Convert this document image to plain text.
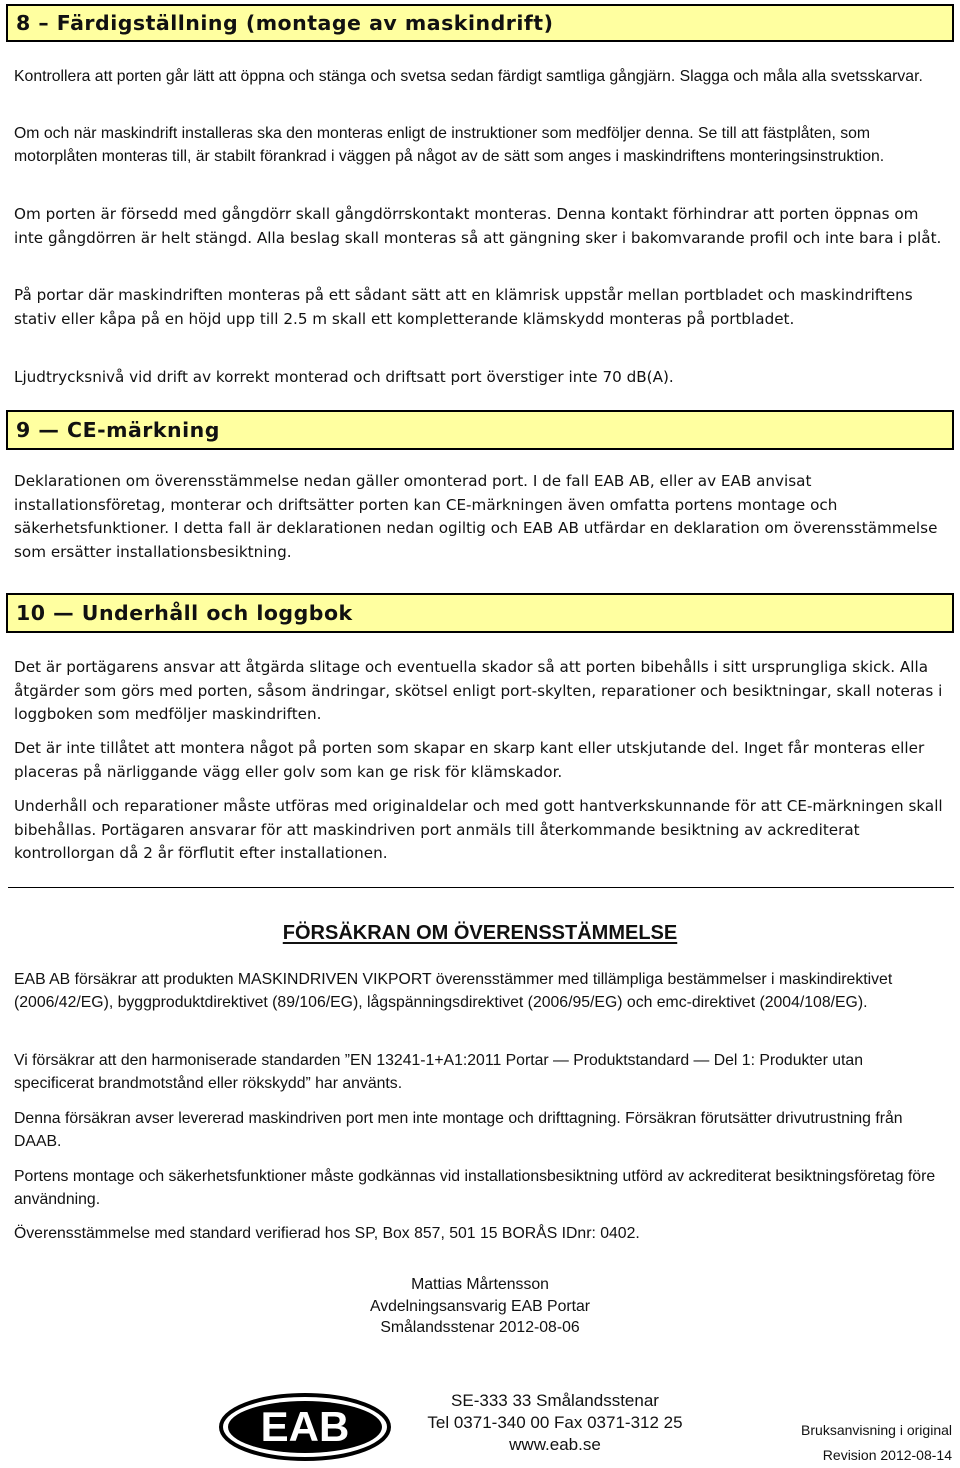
8 – Färdigställning (montage av maskindrift)

Kontrollera att porten går lätt att öppna och stänga och svetsa sedan färdigt samtliga gångjärn. Slagga och måla alla svetsskarvar.

Om och när maskindrift installeras ska den monteras enligt de instruktioner som medföljer denna. Se till att fästplåten, som motorplåten monteras till, är stabilt förankrad i väggen på något av de sätt som anges i maskindriftens monteringsinstruktion.

Om porten är försedd med gångdörr skall gångdörrskontakt monteras. Denna kontakt förhindrar att porten öppnas om inte gångdörren är helt stängd. Alla beslag skall monteras så att gängning sker i bakomvarande profil och inte bara i plåt.

På portar där maskindriften monteras på ett sådant sätt att en klämrisk uppstår mellan portbladet och maskindriftens stativ eller kåpa på en höjd upp till 2.5 m skall ett kompletterande klämskydd monteras på portbladet.

Ljudtrycksnivå vid drift av korrekt monterad och driftsatt port överstiger inte 70 dB(A).

9 — CE-märkning

Deklarationen om överensstämmelse nedan gäller omonterad port. I de fall EAB AB, eller av EAB anvisat installationsföretag, monterar och driftsätter porten kan CE-märkningen även omfatta portens montage och säkerhetsfunktioner. I detta fall är deklarationen nedan ogiltig och EAB AB utfärdar en deklaration om överensstämmelse som ersätter installationsbesiktning.

10 — Underhåll och loggbok

Det är portägarens ansvar att åtgärda slitage och eventuella skador så att porten bibehålls i sitt ursprungliga skick. Alla åtgärder som görs med porten, såsom ändringar, skötsel enligt port-skylten, reparationer och besiktningar, skall noteras i loggboken som medföljer maskindriften.

Det är inte tillåtet att montera något på porten som skapar en skarp kant eller utskjutande del. Inget får monteras eller placeras på närliggande vägg eller golv som kan ge risk för klämskador.

Underhåll och reparationer måste utföras med originaldelar och med gott hantverkskunnande för att CE-märkningen skall bibehållas. Portägaren ansvarar för att maskindriven port anmäls till återkommande besiktning av ackrediterat kontrollorgan då 2 år förflutit efter installationen.

FÖRSÄKRAN OM ÖVERENSSTÄMMELSE

EAB AB försäkrar att produkten MASKINDRIVEN VIKPORT överensstämmer med tillämpliga bestämmelser i maskindirektivet (2006/42/EG), byggproduktdirektivet (89/106/EG), lågspänningsdirektivet (2006/95/EG) och emc-direktivet (2004/108/EG).

Vi försäkrar att den harmoniserade standarden ”EN 13241-1+A1:2011 Portar — Produktstandard — Del 1: Produkter utan specificerat brandmotstånd eller rökskydd” har använts.

Denna försäkran avser levererad maskindriven port men inte montage och drifttagning. Försäkran förutsätter drivutrustning från DAAB.

Portens montage och säkerhetsfunktioner måste godkännas vid installationsbesiktning utförd av ackrediterat besiktningsföretag före användning.

Överensstämmelse med standard verifierad hos SP, Box 857, 501 15 BORÅS IDnr: 0402.

Mattias Mårtensson
Avdelningsansvarig EAB Portar
Smålandsstenar 2012-08-06
EAB
SE-333 33 Smålandsstenar
Tel 0371-340 00 Fax 0371-312 25
www.eab.se
Bruksanvisning i original
Revision 2012-08-14
